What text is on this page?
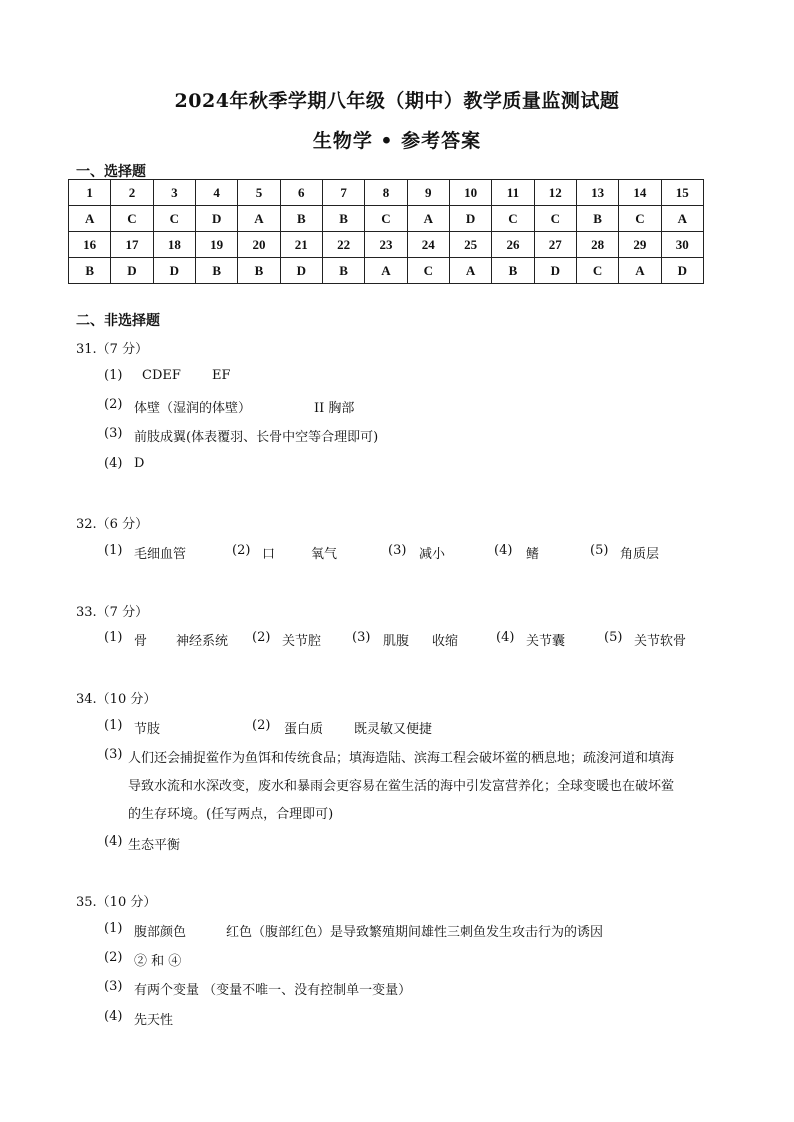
2024年秋季学期八年级（期中）教学质量监测试题
生物学 • 参考答案
一、选择题
1	2	3	4	5	6	7	8	9	10	11	12	13	14	15
A	C	C	D	A	B	B	C	A	D	C	C	B	C	A
16	17	18	19	20	21	22	23	24	25	26	27	28	29	30
B	D	D	B	B	D	B	A	C	A	B	D	C	A	D
二、非选择题
31.（7 分）
(1) CDEF EF
(2) 体壁（湿润的体壁）	II 胸部
(3) 前肢成翼(体表覆羽、长骨中空等合理即可)
(4) D
32.（6 分）
(1) 毛细血管	(2) 口	氧气	(3) 减小	(4) 鳍	(5) 角质层
33.（7 分）
(1) 骨 神经系统 (2) 关节腔 (3) 肌腹 收缩	(4) 关节囊	(5) 关节软骨
34.（10 分）
(1) 节肢	(2) 蛋白质 既灵敏又便捷
(3) 人们还会捕捉鲎作为鱼饵和传统食品；填海造陆、滨海工程会破坏鲎的栖息地；疏浚河道和填海
导致水流和水深改变，废水和暴雨会更容易在鲎生活的海中引发富营养化；全球变暖也在破坏鲎
的生存环境。(任写两点，合理即可)
(4) 生态平衡
35.（10 分）
(1) 腹部颜色	红色（腹部红色）是导致繁殖期间雄性三刺鱼发生攻击行为的诱因
(2) ② 和 ④
(3) 有两个变量 （变量不唯一、没有控制单一变量）
(4) 先天性
